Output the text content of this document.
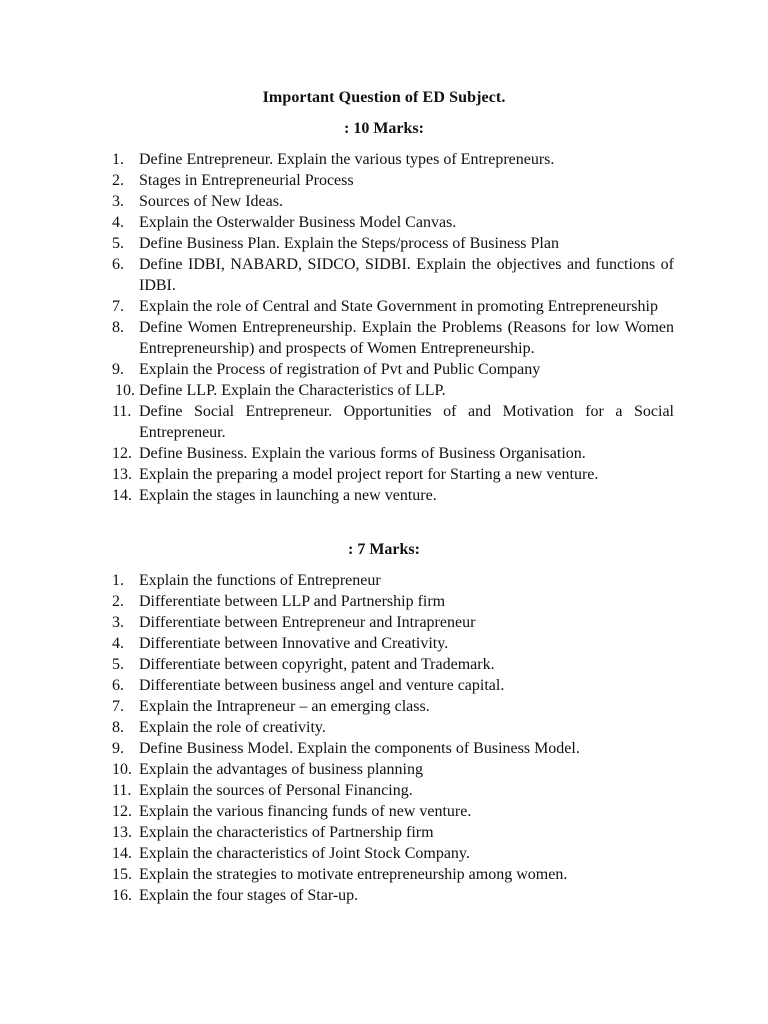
Important Question of ED Subject.
: 10 Marks:
1. Define Entrepreneur. Explain the various types of Entrepreneurs.
2. Stages in Entrepreneurial Process
3. Sources of New Ideas.
4. Explain the Osterwalder Business Model Canvas.
5. Define Business Plan. Explain the Steps/process of Business Plan
6. Define IDBI, NABARD, SIDCO, SIDBI. Explain the objectives and functions of IDBI.
7. Explain the role of Central and State Government in promoting Entrepreneurship
8. Define Women Entrepreneurship. Explain the Problems (Reasons for low Women Entrepreneurship) and prospects of Women Entrepreneurship.
9. Explain the Process of registration of Pvt and Public Company
10. Define LLP. Explain the Characteristics of LLP.
11. Define Social Entrepreneur. Opportunities of and Motivation for a Social Entrepreneur.
12. Define Business. Explain the various forms of Business Organisation.
13. Explain the preparing a model project report for Starting a new venture.
14. Explain the stages in launching a new venture.
: 7 Marks:
1. Explain the functions of Entrepreneur
2. Differentiate between LLP and Partnership firm
3. Differentiate between Entrepreneur and Intrapreneur
4. Differentiate between Innovative and Creativity.
5. Differentiate between copyright, patent and Trademark.
6. Differentiate between business angel and venture capital.
7. Explain the Intrapreneur – an emerging class.
8. Explain the role of creativity.
9. Define Business Model. Explain the components of Business Model.
10. Explain the advantages of business planning
11. Explain the sources of Personal Financing.
12. Explain the various financing funds of new venture.
13. Explain the characteristics of Partnership firm
14. Explain the characteristics of Joint Stock Company.
15. Explain the strategies to motivate entrepreneurship among women.
16. Explain the four stages of Star-up.
